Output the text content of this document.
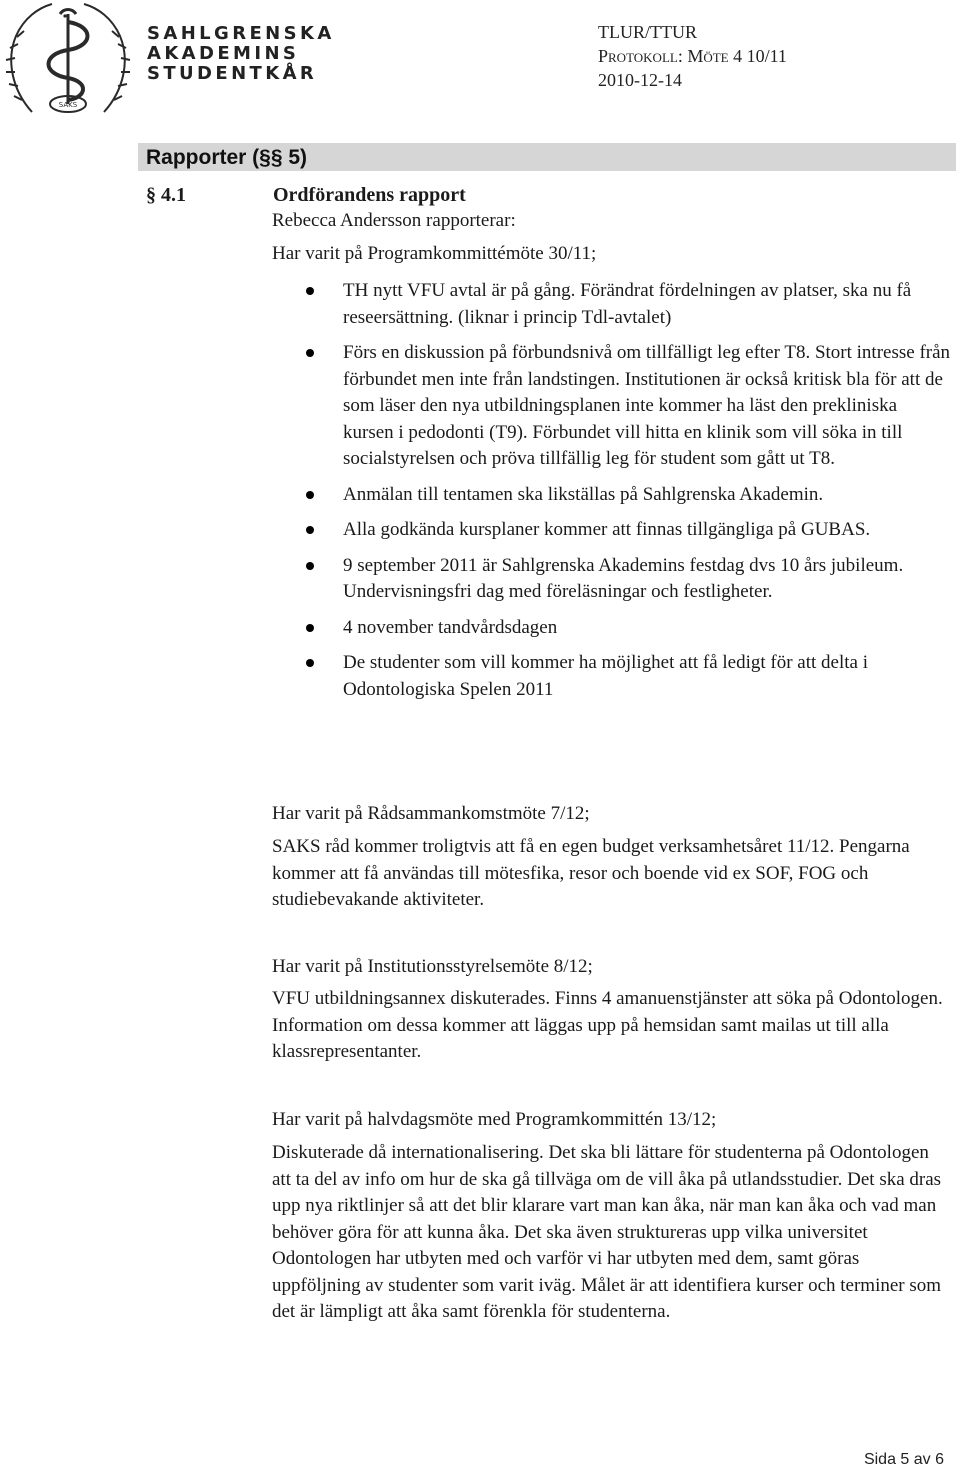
SAKS
SAHLGRENSKA
AKADEMINS
STUDENTKÅR
TLUR/TTUR
Protokoll: Möte 4 10/11
2010-12-14
Rapporter (§§ 5)
§ 4.1	Ordförandens rapport
Rebecca Andersson rapporterar:
Har varit på Programkommittémöte 30/11;
TH nytt VFU avtal är på gång. Förändrat fördelningen av platser, ska nu få reseersättning. (liknar i princip Tdl-avtalet)
Förs en diskussion på förbundsnivå om tillfälligt leg efter T8. Stort intresse från förbundet men inte från landstingen. Institutionen är också kritisk bla för att de som läser den nya utbildningsplanen inte kommer ha läst den prekliniska kursen i pedodonti (T9). Förbundet vill hitta en klinik som vill söka in till socialstyrelsen och pröva tillfällig leg för student som gått ut T8.
Anmälan till tentamen ska likställas på Sahlgrenska Akademin.
Alla godkända kursplaner kommer att finnas tillgängliga på GUBAS.
9 september 2011 är Sahlgrenska Akademins festdag dvs 10 års jubileum. Undervisningsfri dag med föreläsningar och festligheter.
4 november tandvårdsdagen
De studenter som vill kommer ha möjlighet att få ledigt för att delta i Odontologiska Spelen 2011
Har varit på Rådsammankomstmöte 7/12;
SAKS råd kommer troligtvis att få en egen budget verksamhetsåret 11/12. Pengarna kommer att få användas till mötesfika, resor och boende vid ex SOF, FOG och studiebevakande aktiviteter.
Har varit på Institutionsstyrelsemöte 8/12;
VFU utbildningsannex diskuterades. Finns 4 amanuenstjänster att söka på Odontologen. Information om dessa kommer att läggas upp på hemsidan samt mailas ut till alla klassrepresentanter.
Har varit på halvdagsmöte med Programkommittén 13/12;
Diskuterade då internationalisering. Det ska bli lättare för studenterna på Odontologen att ta del av info om hur de ska gå tillväga om de vill åka på utlandsstudier. Det ska dras upp nya riktlinjer så att det blir klarare vart man kan åka, när man kan åka och vad man behöver göra för att kunna åka. Det ska även struktureras upp vilka universitet Odontologen har utbyten med och varför vi har utbyten med dem, samt göras uppföljning av studenter som varit iväg. Målet är att identifiera kurser och terminer som det är lämpligt att åka samt förenkla för studenterna.
Sida 5 av 6
